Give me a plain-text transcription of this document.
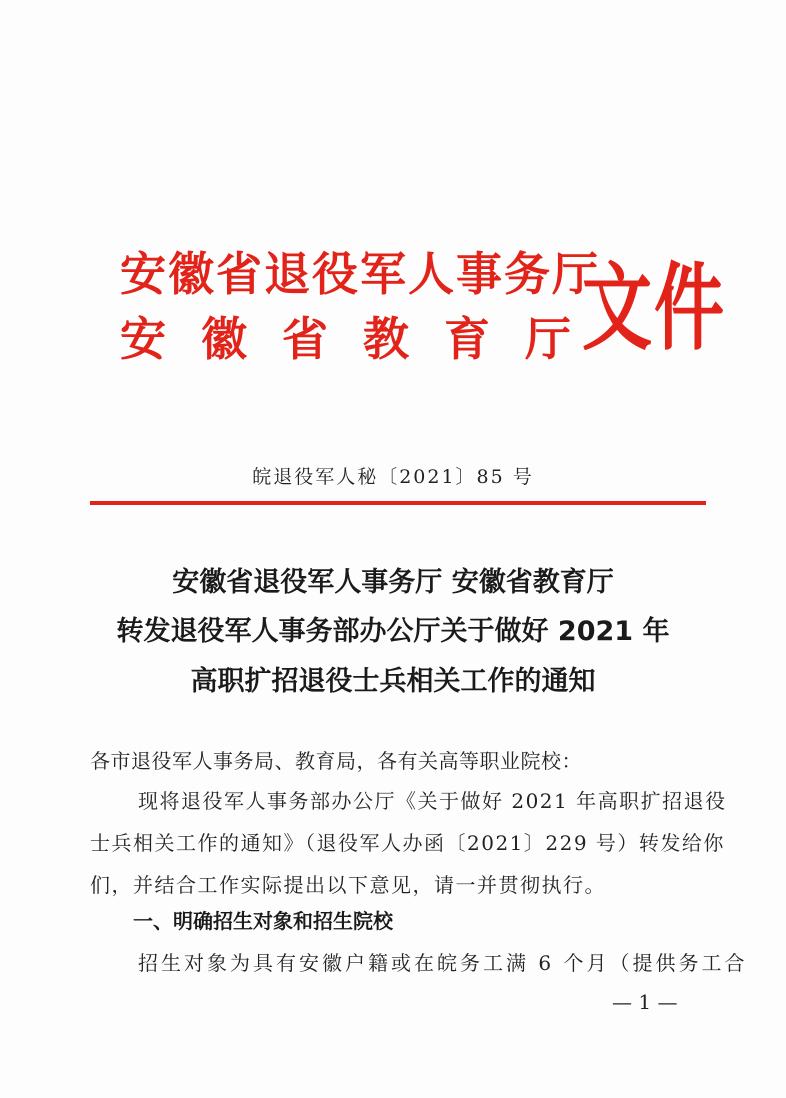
安徽省退役军人事务厅
安徽省教育厅
文件
皖退役军人秘〔2021〕85 号
安徽省退役军人事务厅 安徽省教育厅
转发退役军人事务部办公厅关于做好 2021 年
高职扩招退役士兵相关工作的通知
各市退役军人事务局、教育局，各有关高等职业院校：
现将退役军人事务部办公厅《关于做好 2021 年高职扩招退役
士兵相关工作的通知》（退役军人办函〔2021〕229 号）转发给你
们，并结合工作实际提出以下意见，请一并贯彻执行。
一、明确招生对象和招生院校
招生对象为具有安徽户籍或在皖务工满 6 个月（提供务工合
— 1 —
